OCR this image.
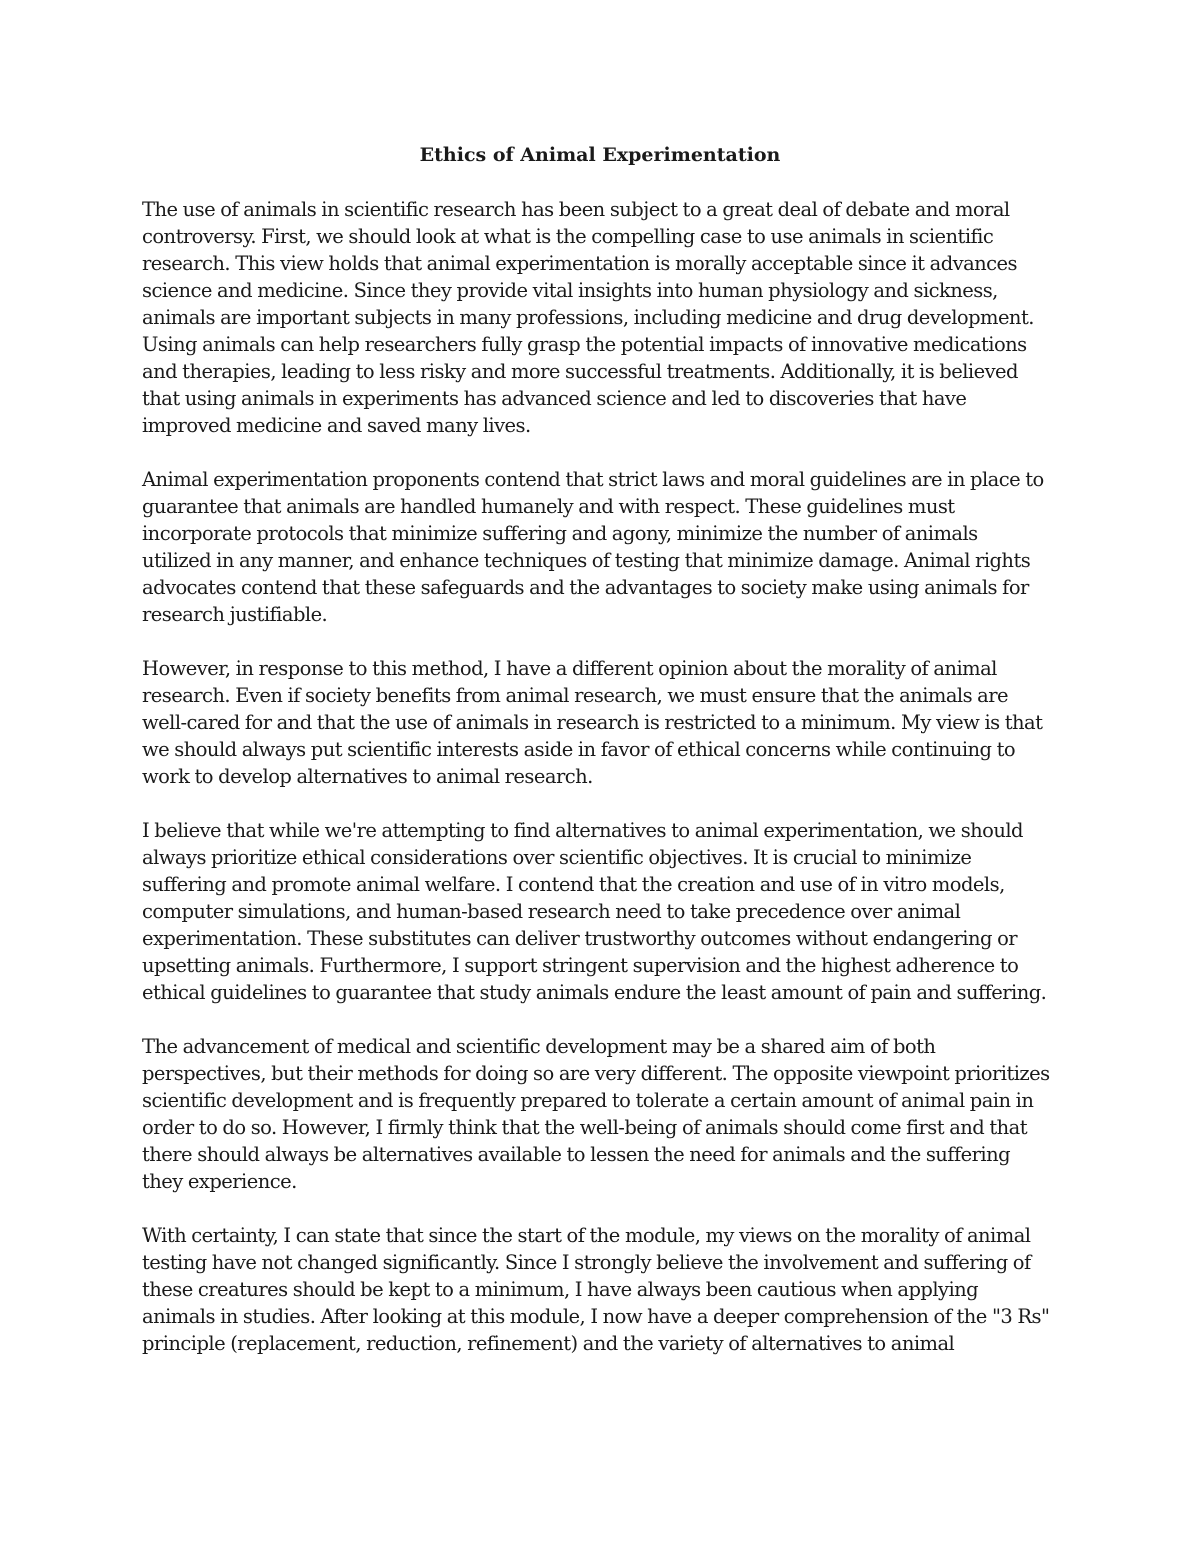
Ethics of Animal Experimentation

The use of animals in scientific research has been subject to a great deal of debate and moral controversy. First, we should look at what is the compelling case to use animals in scientific research. This view holds that animal experimentation is morally acceptable since it advances science and medicine. Since they provide vital insights into human physiology and sickness, animals are important subjects in many professions, including medicine and drug development. Using animals can help researchers fully grasp the potential impacts of innovative medications and therapies, leading to less risky and more successful treatments. Additionally, it is believed that using animals in experiments has advanced science and led to discoveries that have improved medicine and saved many lives.

Animal experimentation proponents contend that strict laws and moral guidelines are in place to guarantee that animals are handled humanely and with respect. These guidelines must incorporate protocols that minimize suffering and agony, minimize the number of animals utilized in any manner, and enhance techniques of testing that minimize damage. Animal rights advocates contend that these safeguards and the advantages to society make using animals for research justifiable.

However, in response to this method, I have a different opinion about the morality of animal research. Even if society benefits from animal research, we must ensure that the animals are well-cared for and that the use of animals in research is restricted to a minimum. My view is that we should always put scientific interests aside in favor of ethical concerns while continuing to work to develop alternatives to animal research.

I believe that while we're attempting to find alternatives to animal experimentation, we should always prioritize ethical considerations over scientific objectives. It is crucial to minimize suffering and promote animal welfare. I contend that the creation and use of in vitro models, computer simulations, and human-based research need to take precedence over animal experimentation. These substitutes can deliver trustworthy outcomes without endangering or upsetting animals. Furthermore, I support stringent supervision and the highest adherence to ethical guidelines to guarantee that study animals endure the least amount of pain and suffering.

The advancement of medical and scientific development may be a shared aim of both perspectives, but their methods for doing so are very different. The opposite viewpoint prioritizes scientific development and is frequently prepared to tolerate a certain amount of animal pain in order to do so. However, I firmly think that the well-being of animals should come first and that there should always be alternatives available to lessen the need for animals and the suffering they experience.

With certainty, I can state that since the start of the module, my views on the morality of animal testing have not changed significantly. Since I strongly believe the involvement and suffering of these creatures should be kept to a minimum, I have always been cautious when applying animals in studies. After looking at this module, I now have a deeper comprehension of the "3 Rs" principle (replacement, reduction, refinement) and the variety of alternatives to animal
